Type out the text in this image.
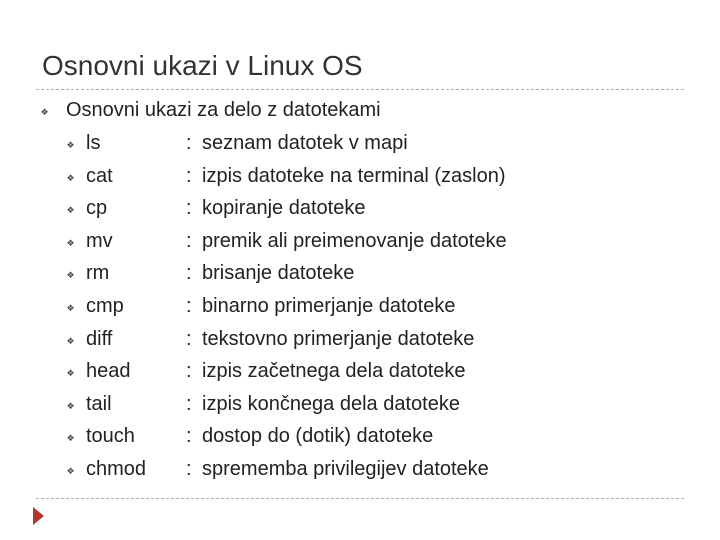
Osnovni ukazi v Linux OS
❖ Osnovni ukazi za delo z datotekami
❖ ls	: seznam datotek v mapi
❖ cat	: izpis datoteke na terminal (zaslon)
❖ cp	: kopiranje datoteke
❖ mv	: premik ali preimenovanje datoteke
❖ rm	: brisanje datoteke
❖ cmp	: binarno primerjanje datoteke
❖ diff	: tekstovno primerjanje datoteke
❖ head	: izpis začetnega dela datoteke
❖ tail	: izpis končnega dela datoteke
❖ touch	: dostop do (dotik) datoteke
❖ chmod : sprememba privilegijev datoteke
